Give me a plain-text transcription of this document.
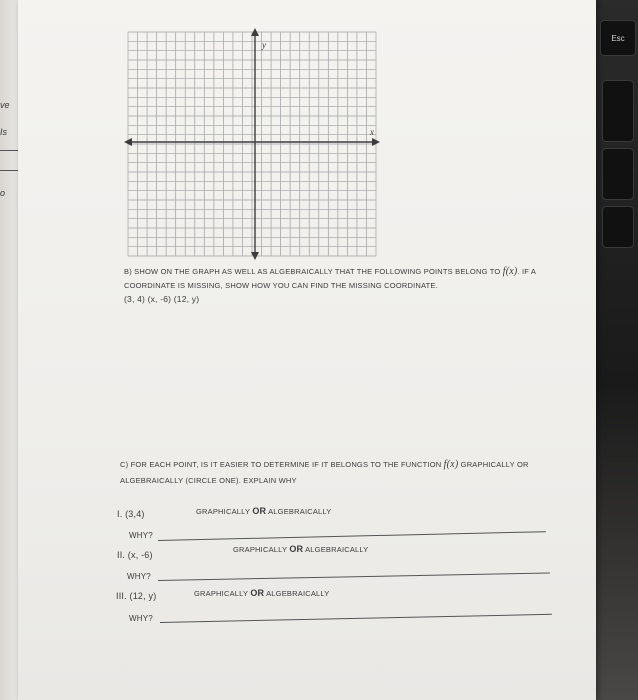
ve
Is
o
Esc
y
x
B) SHOW ON THE GRAPH AS WELL AS ALGEBRAICALLY THAT THE FOLLOWING POINTS BELONG TO f(x). IF A
COORDINATE IS MISSING, SHOW HOW YOU CAN FIND THE MISSING COORDINATE.
(3, 4) (x, -6) (12, y)
C) FOR EACH POINT, IS IT EASIER TO DETERMINE IF IT BELONGS TO THE FUNCTION f(x) GRAPHICALLY OR
ALGEBRAICALLY (CIRCLE ONE). EXPLAIN WHY
I. (3,4)	GRAPHICALLY OR ALGEBRAICALLY
WHY?
II. (x, -6)
GRAPHICALLY OR ALGEBRAICALLY
WHY?
III. (12, y)	GRAPHICALLY OR ALGEBRAICALLY
WHY?
